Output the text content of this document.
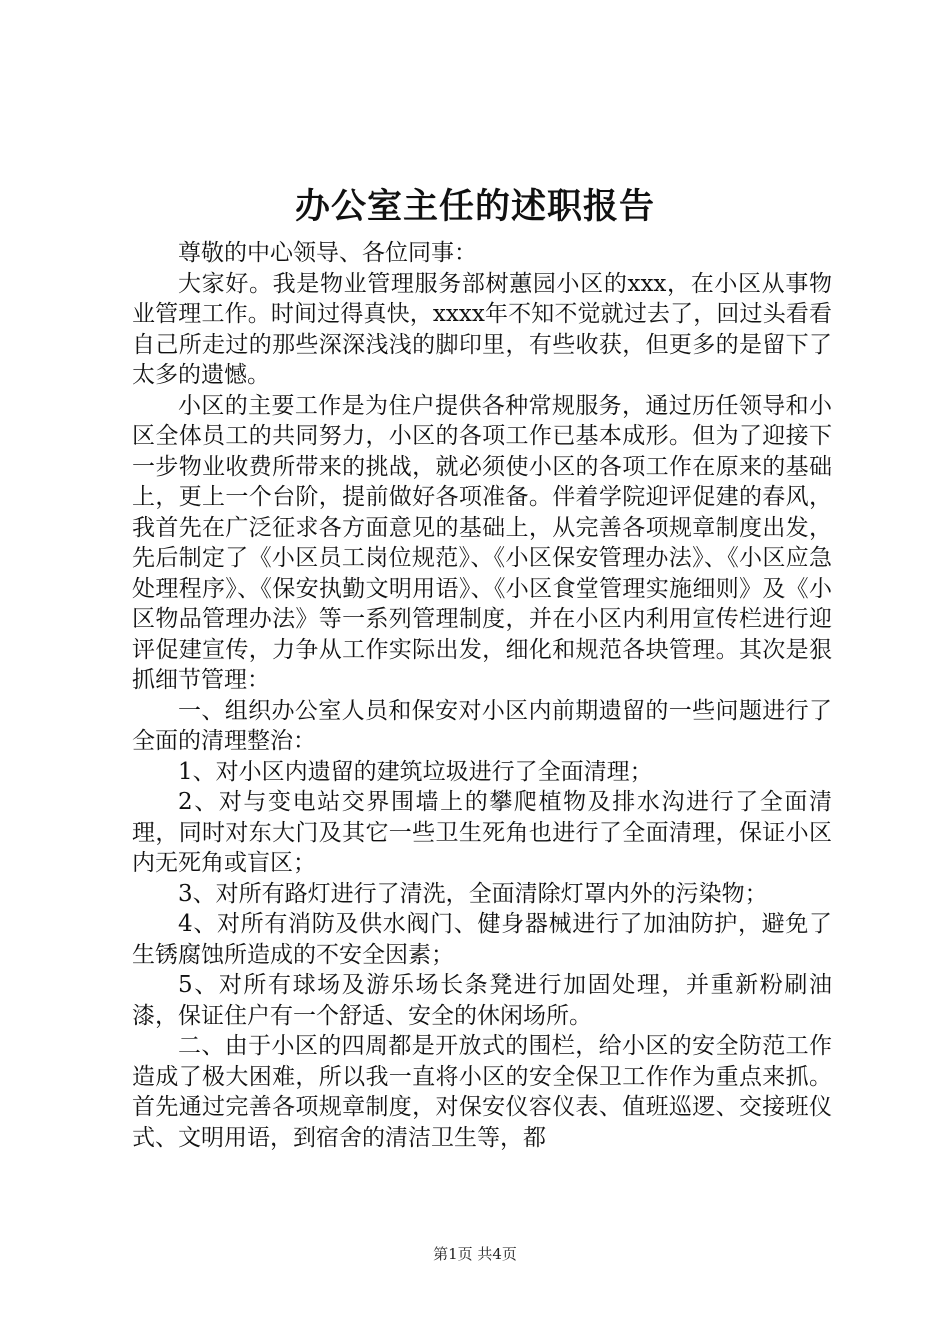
办公室主任的述职报告

尊敬的中心领导、各位同事：

大家好。我是物业管理服务部树蕙园小区的xxx，在小区从事物业管理工作。时间过得真快，xxxx年不知不觉就过去了，回过头看看自己所走过的那些深深浅浅的脚印里，有些收获，但更多的是留下了太多的遗憾。

小区的主要工作是为住户提供各种常规服务，通过历任领导和小区全体员工的共同努力，小区的各项工作已基本成形。但为了迎接下一步物业收费所带来的挑战，就必须使小区的各项工作在原来的基础上，更上一个台阶，提前做好各项准备。伴着学院迎评促建的春风，我首先在广泛征求各方面意见的基础上，从完善各项规章制度出发，先后制定了《小区员工岗位规范》、《小区保安管理办法》、《小区应急处理程序》、《保安执勤文明用语》、《小区食堂管理实施细则》及《小区物品管理办法》等一系列管理制度，并在小区内利用宣传栏进行迎评促建宣传，力争从工作实际出发，细化和规范各块管理。其次是狠抓细节管理：

一、组织办公室人员和保安对小区内前期遗留的一些问题进行了全面的清理整治：

1、对小区内遗留的建筑垃圾进行了全面清理；

2、对与变电站交界围墙上的攀爬植物及排水沟进行了全面清理，同时对东大门及其它一些卫生死角也进行了全面清理，保证小区内无死角或盲区；

3、对所有路灯进行了清洗，全面清除灯罩内外的污染物；

4、对所有消防及供水阀门、健身器械进行了加油防护，避免了生锈腐蚀所造成的不安全因素；

5、对所有球场及游乐场长条凳进行加固处理，并重新粉刷油漆，保证住户有一个舒适、安全的休闲场所。

二、由于小区的四周都是开放式的围栏，给小区的安全防范工作造成了极大困难，所以我一直将小区的安全保卫工作作为重点来抓。首先通过完善各项规章制度，对保安仪容仪表、值班巡逻、交接班仪式、文明用语，到宿舍的清洁卫生等，都

第1页 共4页
